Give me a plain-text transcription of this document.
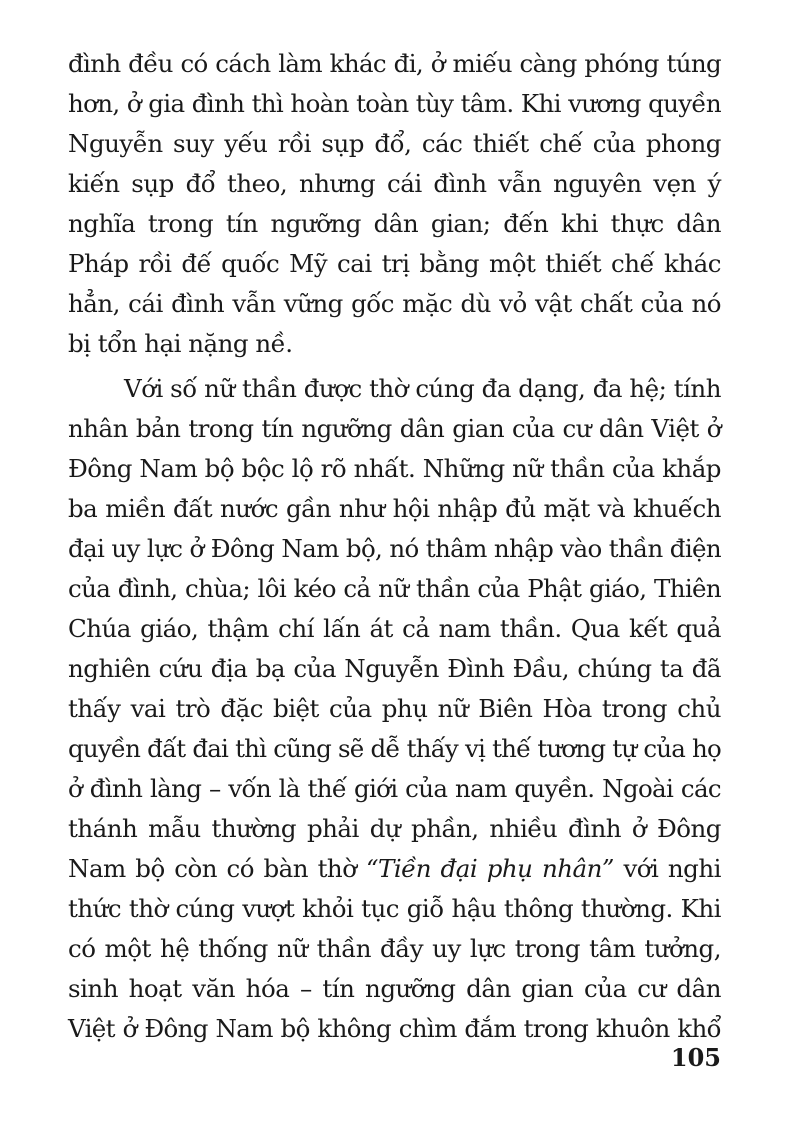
đình đều có cách làm khác đi, ở miếu càng phóng túng
hơn, ở gia đình thì hoàn toàn tùy tâm. Khi vương quyền
Nguyễn suy yếu rồi sụp đổ, các thiết chế của phong
kiến sụp đổ theo, nhưng cái đình vẫn nguyên vẹn ý
nghĩa trong tín ngưỡng dân gian; đến khi thực dân
Pháp rồi đế quốc Mỹ cai trị bằng một thiết chế khác
hẳn, cái đình vẫn vững gốc mặc dù vỏ vật chất của nó
bị tổn hại nặng nề.

Với số nữ thần được thờ cúng đa dạng, đa hệ; tính
nhân bản trong tín ngưỡng dân gian của cư dân Việt ở
Đông Nam bộ bộc lộ rõ nhất. Những nữ thần của khắp
ba miền đất nước gần như hội nhập đủ mặt và khuếch
đại uy lực ở Đông Nam bộ, nó thâm nhập vào thần điện
của đình, chùa; lôi kéo cả nữ thần của Phật giáo, Thiên
Chúa giáo, thậm chí lấn át cả nam thần. Qua kết quả
nghiên cứu địa bạ của Nguyễn Đình Đầu, chúng ta đã
thấy vai trò đặc biệt của phụ nữ Biên Hòa trong chủ
quyền đất đai thì cũng sẽ dễ thấy vị thế tương tự của họ
ở đình làng – vốn là thế giới của nam quyền. Ngoài các
thánh mẫu thường phải dự phần, nhiều đình ở Đông
Nam bộ còn có bàn thờ “Tiền đại phụ nhân” với nghi
thức thờ cúng vượt khỏi tục giỗ hậu thông thường. Khi
có một hệ thống nữ thần đầy uy lực trong tâm tưởng,
sinh hoạt văn hóa – tín ngưỡng dân gian của cư dân
Việt ở Đông Nam bộ không chìm đắm trong khuôn khổ

105
